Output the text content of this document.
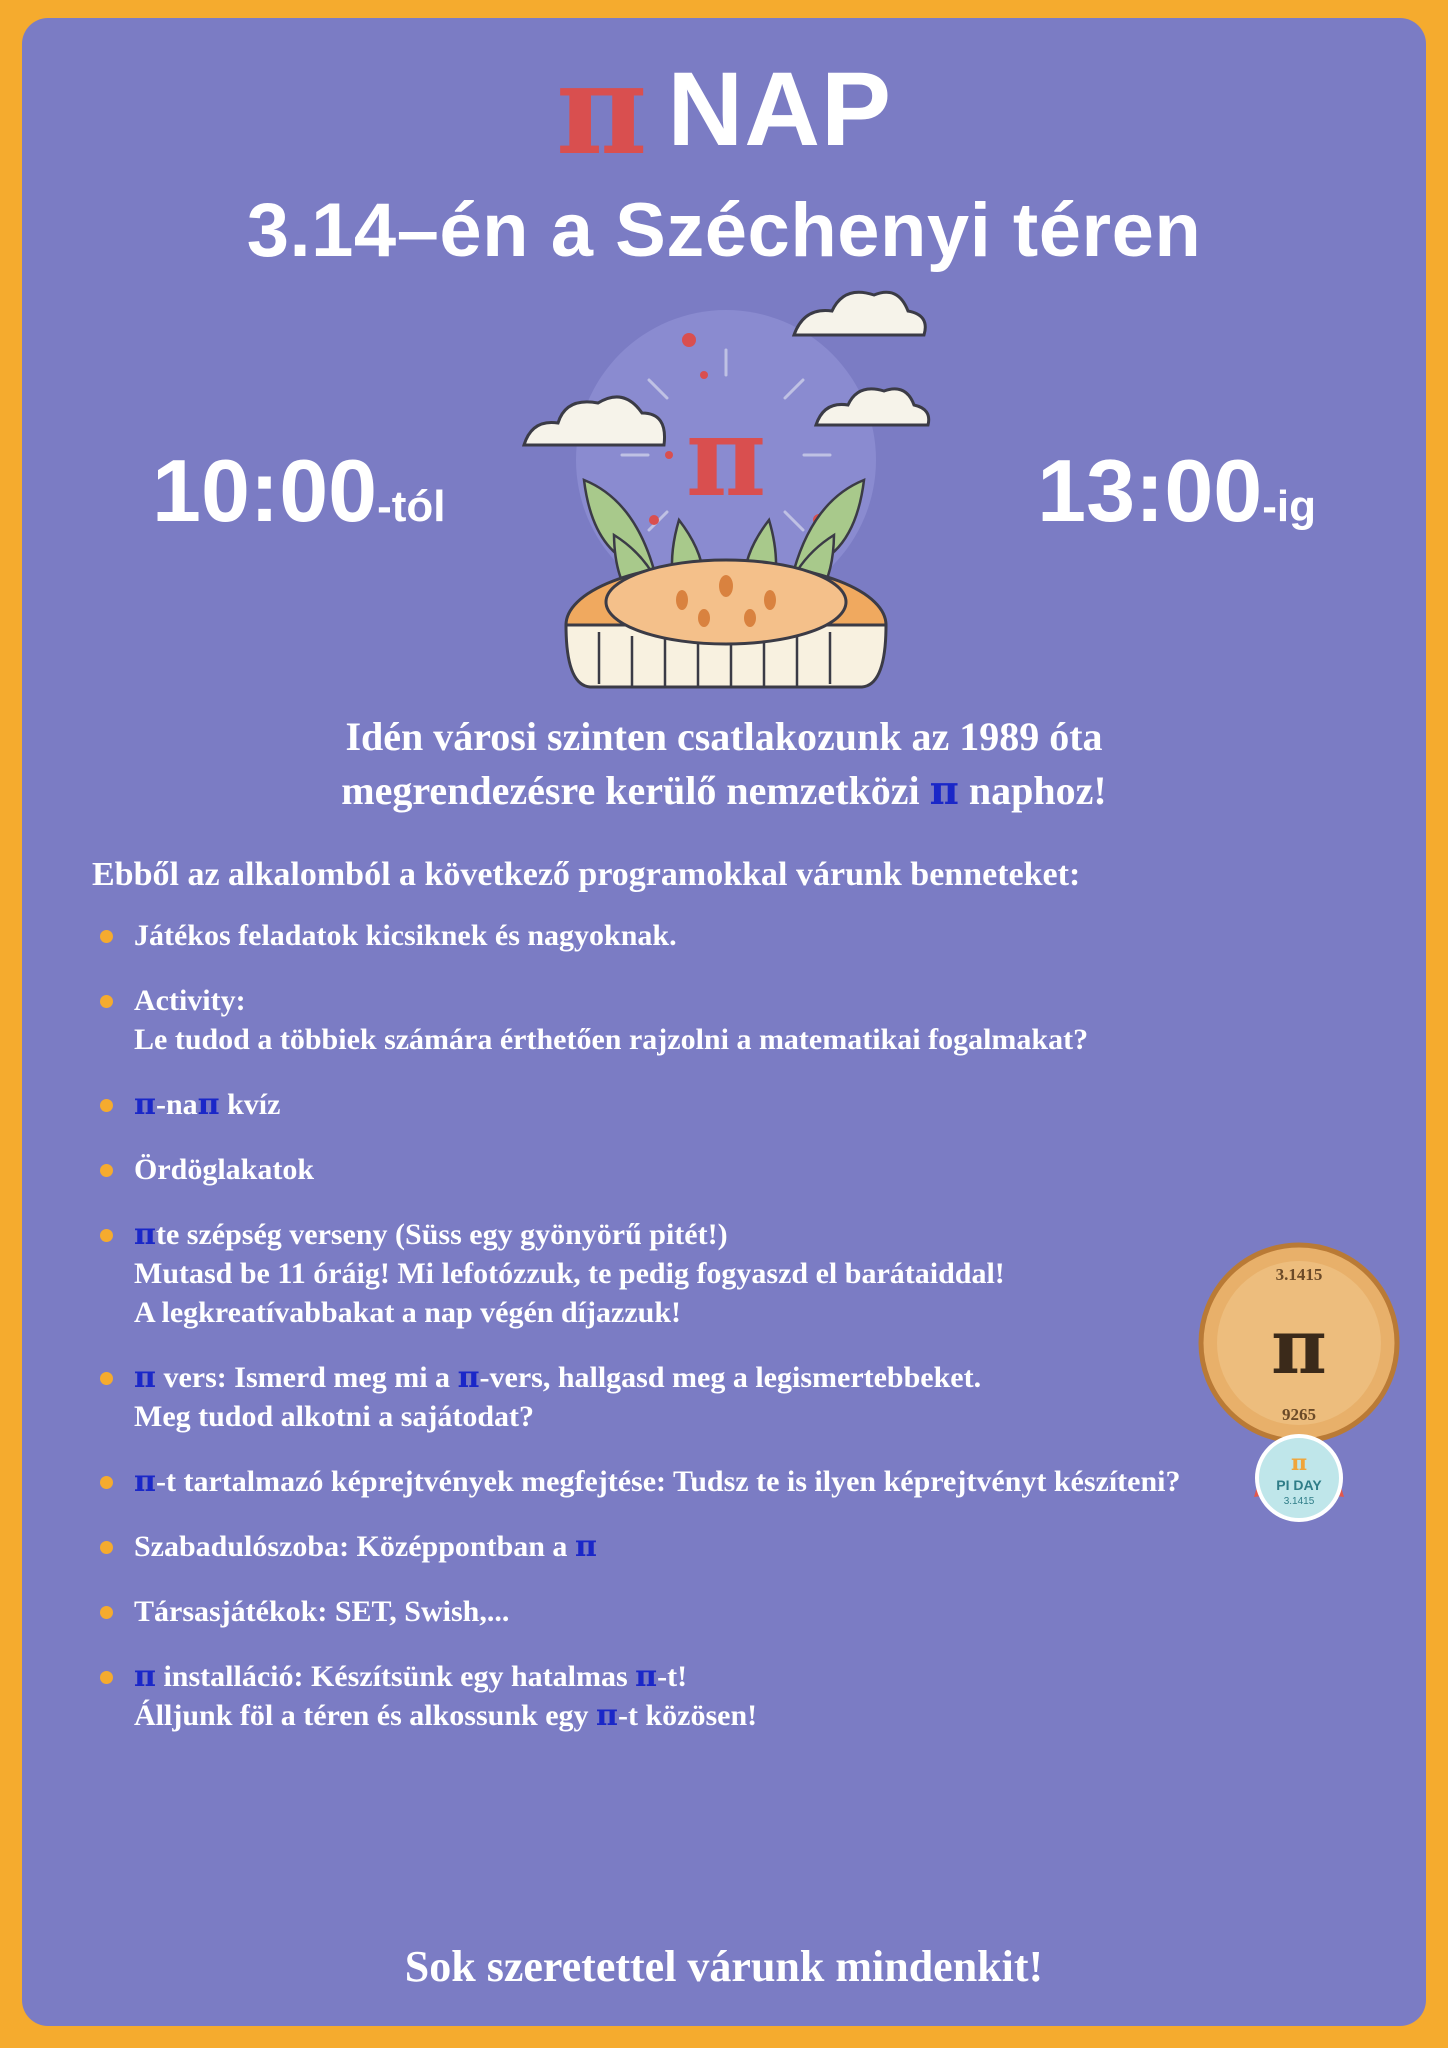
π NAP
3.14–én a Széchenyi téren
10:00-tól	13:00-ig
π
Idén városi szinten csatlakozunk az 1989 óta
megrendezésre kerülő nemzetközi π naphoz!
Ebből az alkalomból a következő programokkal várunk benneteket:
Játékos feladatok kicsiknek és nagyoknak.
Activity:
Le tudod a többiek számára érthetően rajzolni a matematikai fogalmakat?
π-naπ kvíz
Ördöglakatok
πte szépség verseny (Süss egy gyönyörű pitét!)
Mutasd be 11 óráig! Mi lefotózzuk, te pedig fogyaszd el barátaiddal!
A legkreatívabbakat a nap végén díjazzuk!
π vers: Ismerd meg mi a π-vers, hallgasd meg a legismertebbeket.
Meg tudod alkotni a sajátodat?
π-t tartalmazó képrejtvények megfejtése: Tudsz te is ilyen képrejtvényt készíteni?
Szabadulószoba: Középpontban a π
Társasjátékok: SET, Swish,...
π installáció: Készítsünk egy hatalmas π-t!
Álljunk föl a téren és alkossunk egy π-t közösen!
π
3.1415
9265
π
PI DAY
3.1415
Sok szeretettel várunk mindenkit!
